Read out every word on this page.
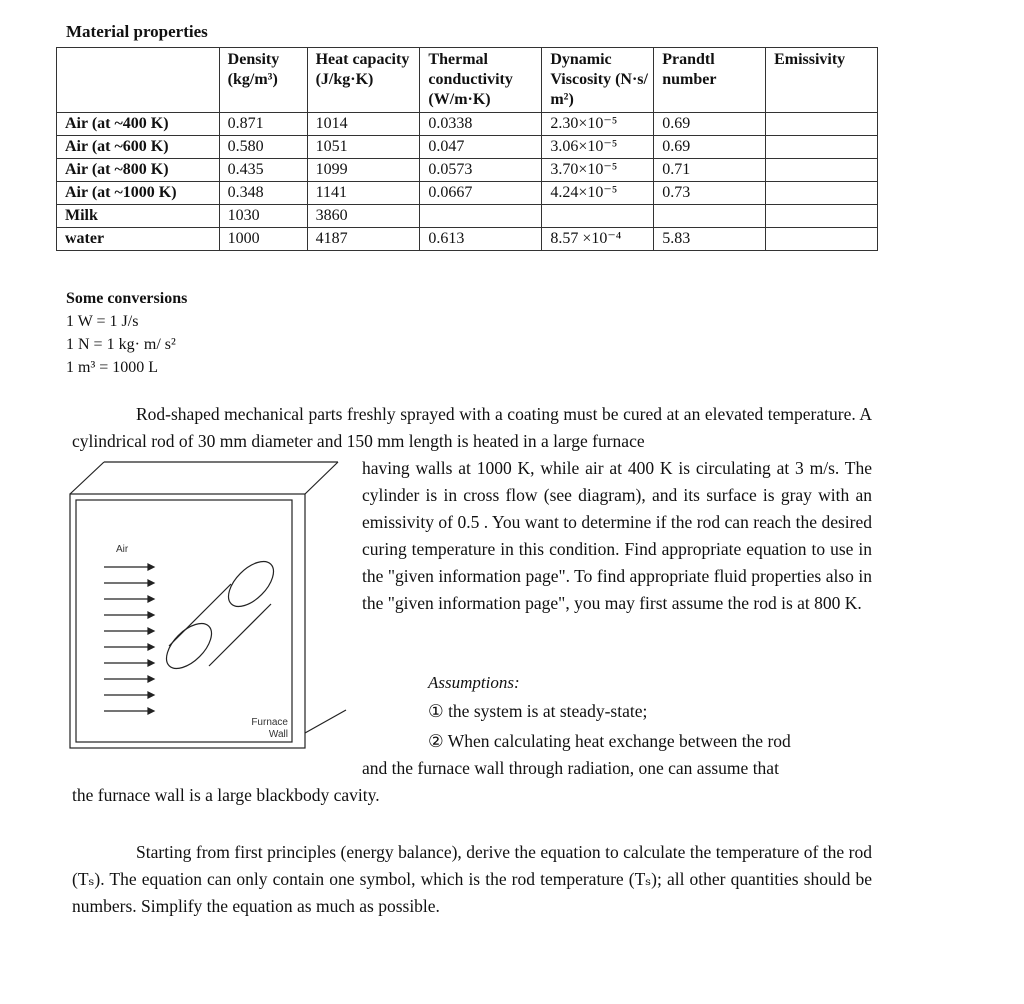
Material properties
	Density (kg/m³)	Heat capacity (J/kg·K)	Thermal conductivity (W/m·K)	Dynamic Viscosity (N·s/ m²)	Prandtl number	Emissivity
Air (at ~400 K)	0.871	1014	0.0338	2.30×10⁻⁵	0.69	
Air (at ~600 K)	0.580	1051	0.047	3.06×10⁻⁵	0.69	
Air (at ~800 K)	0.435	1099	0.0573	3.70×10⁻⁵	0.71	
Air (at ~1000 K)	0.348	1141	0.0667	4.24×10⁻⁵	0.73	
Milk	1030	3860				
water	1000	4187	0.613	8.57 ×10⁻⁴	5.83	
Some conversions
1 W = 1 J/s
1 N = 1 kg· m/ s²
1 m³ = 1000 L
Rod-shaped mechanical parts freshly sprayed with a coating must be cured at an elevated temperature. A cylindrical rod of 30 mm diameter and 150 mm length is heated in a large furnace
having walls at 1000 K, while air at 400 K is circulating at 3 m/s. The cylinder is in cross flow (see diagram), and its surface is gray with an emissivity of 0.5 . You want to determine if the rod can reach the desired curing temperature in this condition. Find appropriate equation to use in the "given information page". To find appropriate fluid properties also in the "given information page", you may first assume the rod is at 800 K.
Assumptions:
① the system is at steady-state;
② When calculating heat exchange between the rod
and the furnace wall through radiation, one can assume that
the furnace wall is a large blackbody cavity.
Starting from first principles (energy balance), derive the equation to calculate the temperature of the rod (Tₛ). The equation can only contain one symbol, which is the rod temperature (Tₛ); all other quantities should be numbers. Simplify the equation as much as possible.
Air
Furnace
Wall
